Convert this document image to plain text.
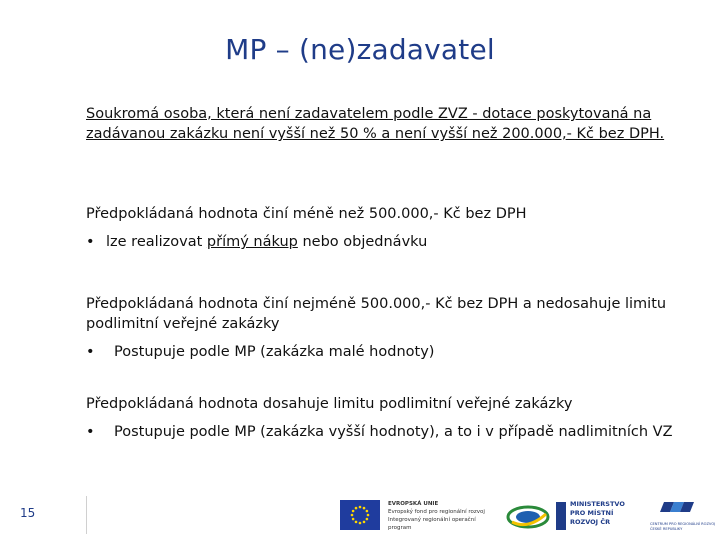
MP – (ne)zadavatel

Soukromá osoba, která není zadavatelem podle ZVZ - dotace poskytovaná na zadávanou zakázku není vyšší než 50 % a není vyšší než 200.000,- Kč bez DPH.

Předpokládaná hodnota činí méně než 500.000,- Kč bez DPH

• lze realizovat přímý nákup nebo objednávku

Předpokládaná hodnota činí nejméně 500.000,- Kč bez DPH a nedosahuje limitu podlimitní veřejné zakázky

• Postupuje podle MP (zakázka malé hodnoty)

Předpokládaná hodnota dosahuje limitu podlimitní veřejné zakázky

• Postupuje podle MP (zakázka vyšší hodnoty), a to i v případě nadlimitních VZ
15
EVROPSKÁ UNIE
Evropský fond pro regionální rozvoj
Integrovaný regionální operační program
MINISTERSTVO
PRO MÍSTNÍ
ROZVOJ ČR	CENTRUM PRO REGIONÁLNÍ ROZVOJ
ČESKÉ REPUBLIKY
